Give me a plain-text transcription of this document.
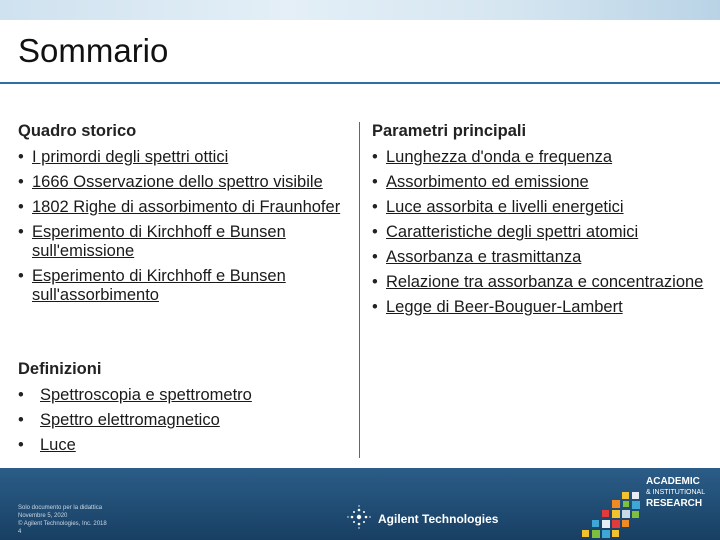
Sommario
Quadro storico
• I primordi degli spettri ottici
• 1666 Osservazione dello spettro visibile
• 1802 Righe di assorbimento di Fraunhofer
• Esperimento di Kirchhoff e Bunsen sull'emissione
• Esperimento di Kirchhoff e Bunsen sull'assorbimento
Definizioni
• Spettroscopia e spettrometro
• Spettro elettromagnetico
• Luce
Parametri principali
• Lunghezza d'onda e frequenza
• Assorbimento ed emissione
• Luce assorbita e livelli energetici
• Caratteristiche degli spettri atomici
• Assorbanza e trasmittanza
• Relazione tra assorbanza e concentrazione
• Legge di Beer-Bouguer-Lambert
Solo documento per la didattica
Novembre 5, 2020
© Agilent Technologies, Inc. 2018
4
Agilent Technologies
ACADEMIC
& INSTITUTIONAL
RESEARCH
